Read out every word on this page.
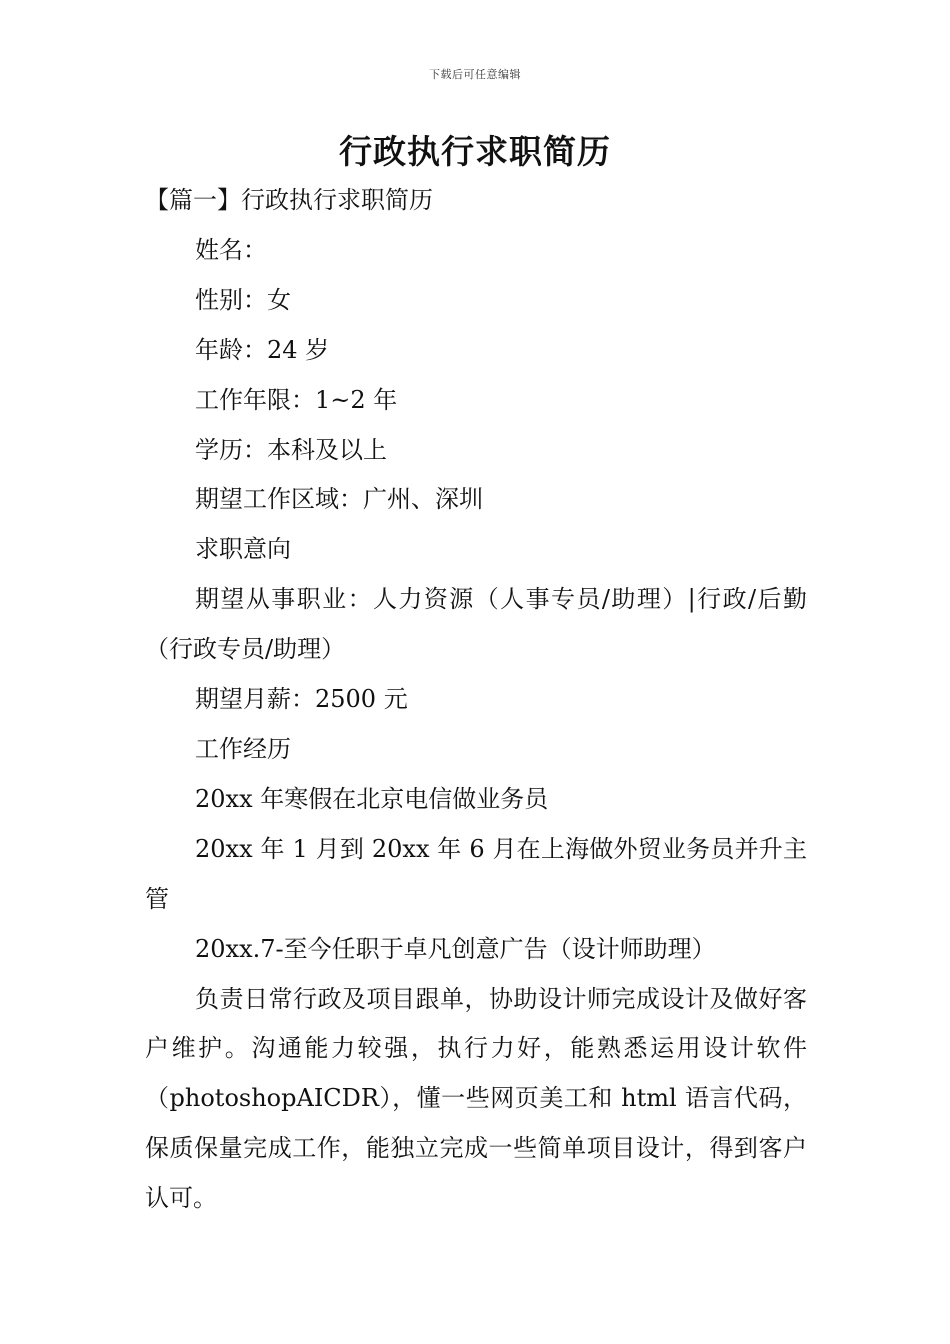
下载后可任意编辑
行政执行求职简历

【篇一】行政执行求职简历

姓名：

性别：女

年龄：24 岁

工作年限：1~2 年

学历：本科及以上

期望工作区域：广州、深圳

求职意向

期望从事职业：人力资源（人事专员/助理）|行政/后勤（行政专员/助理）

期望月薪：2500 元

工作经历

20xx 年寒假在北京电信做业务员

20xx 年 1 月到 20xx 年 6 月在上海做外贸业务员并升主管

20xx.7-至今任职于卓凡创意广告（设计师助理）

负责日常行政及项目跟单，协助设计师完成设计及做好客户维护。沟通能力较强，执行力好，能熟悉运用设计软件（photoshopAICDR），懂一些网页美工和 html 语言代码，保质保量完成工作，能独立完成一些简单项目设计，得到客户认可。
